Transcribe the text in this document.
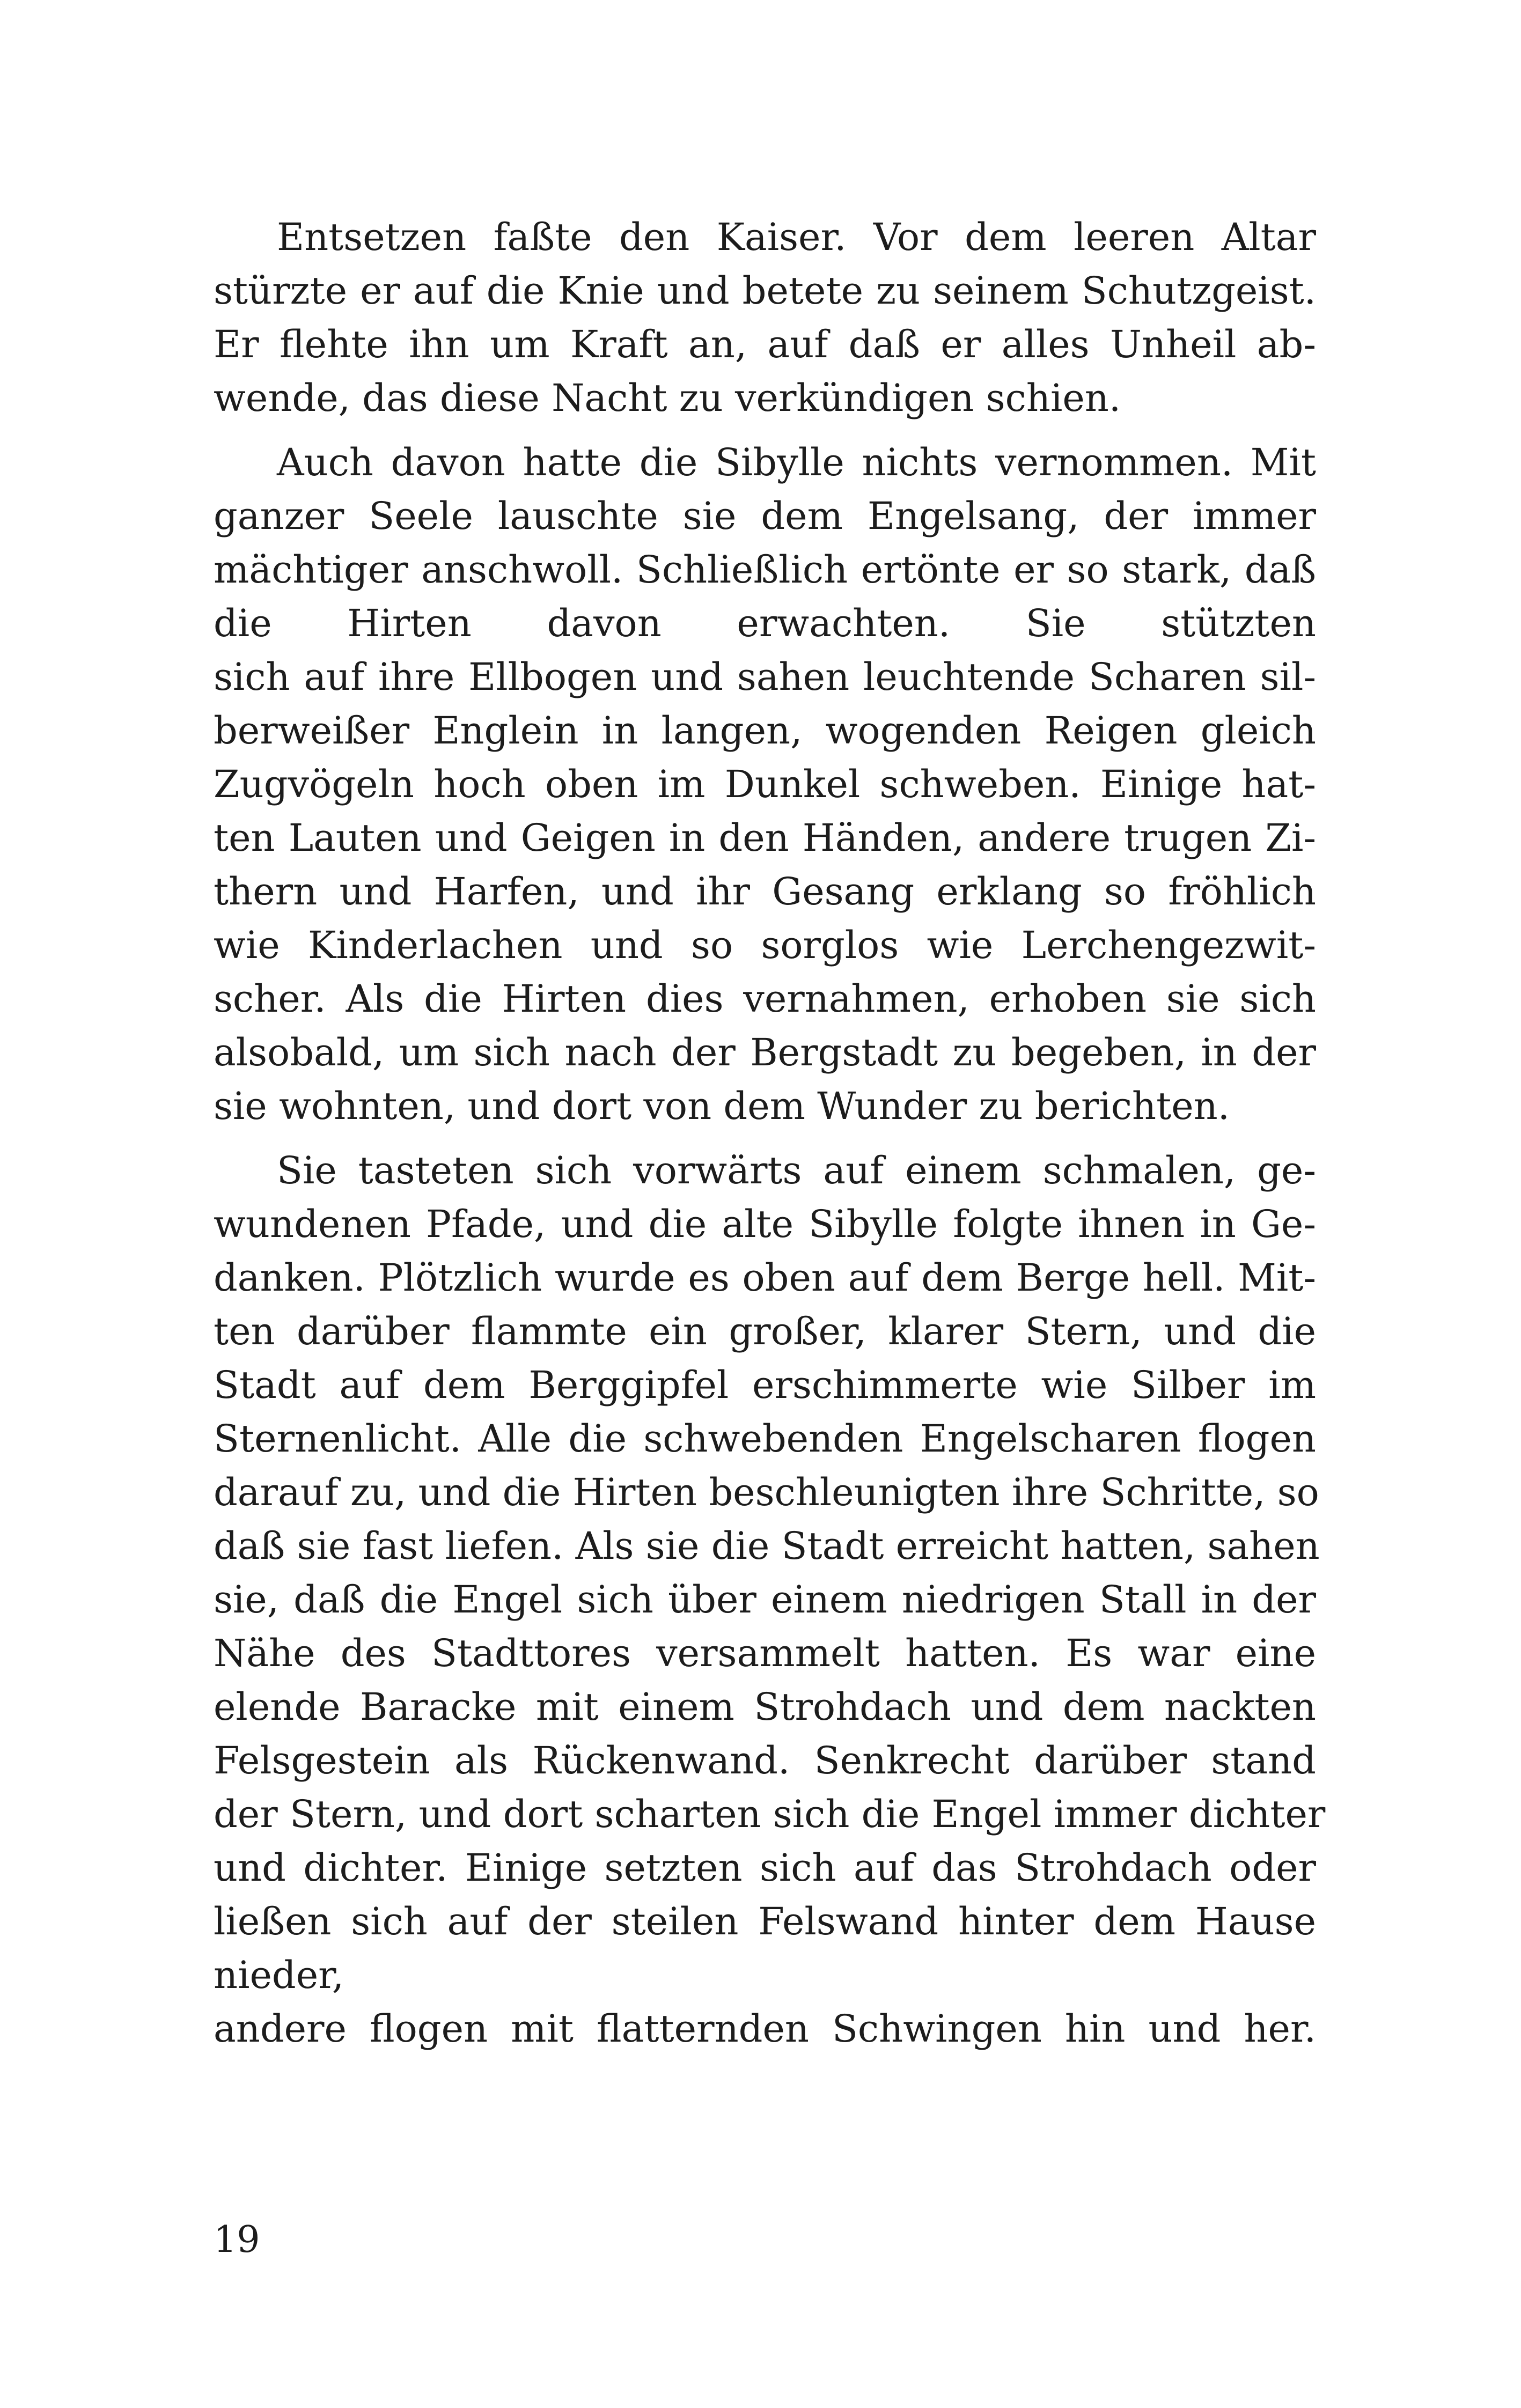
Entsetzen faßte den Kaiser. Vor dem leeren Altar
stürzte er auf die Knie und betete zu seinem Schutzgeist.
Er flehte ihn um Kraft an, auf daß er alles Unheil ab-
wende, das diese Nacht zu verkündigen schien.
Auch davon hatte die Sibylle nichts vernommen. Mit
ganzer Seele lauschte sie dem Engelsang, der immer
mächtiger anschwoll. Schließlich ertönte er so stark, daß
die Hirten davon erwachten. Sie stützten
sich auf ihre Ellbogen und sahen leuchtende Scharen sil-
berweißer Englein in langen, wogenden Reigen gleich
Zugvögeln hoch oben im Dunkel schweben. Einige hat-
ten Lauten und Geigen in den Händen, andere trugen Zi-
thern und Harfen, und ihr Gesang erklang so fröhlich
wie Kinderlachen und so sorglos wie Lerchengezwit-
scher. Als die Hirten dies vernahmen, erhoben sie sich
alsobald, um sich nach der Bergstadt zu begeben, in der
sie wohnten, und dort von dem Wunder zu berichten.
Sie tasteten sich vorwärts auf einem schmalen, ge-
wundenen Pfade, und die alte Sibylle folgte ihnen in Ge-
danken. Plötzlich wurde es oben auf dem Berge hell. Mit-
ten darüber flammte ein großer, klarer Stern, und die
Stadt auf dem Berggipfel erschimmerte wie Silber im
Sternenlicht. Alle die schwebenden Engelscharen flogen
darauf zu, und die Hirten beschleunigten ihre Schritte, so
daß sie fast liefen. Als sie die Stadt erreicht hatten, sahen
sie, daß die Engel sich über einem niedrigen Stall in der
Nähe des Stadttores versammelt hatten. Es war eine
elende Baracke mit einem Strohdach und dem nackten
Felsgestein als Rückenwand. Senkrecht darüber stand
der Stern, und dort scharten sich die Engel immer dichter
und dichter. Einige setzten sich auf das Strohdach oder
ließen sich auf der steilen Felswand hinter dem Hause
nieder,
andere flogen mit flatternden Schwingen hin und her.
19
